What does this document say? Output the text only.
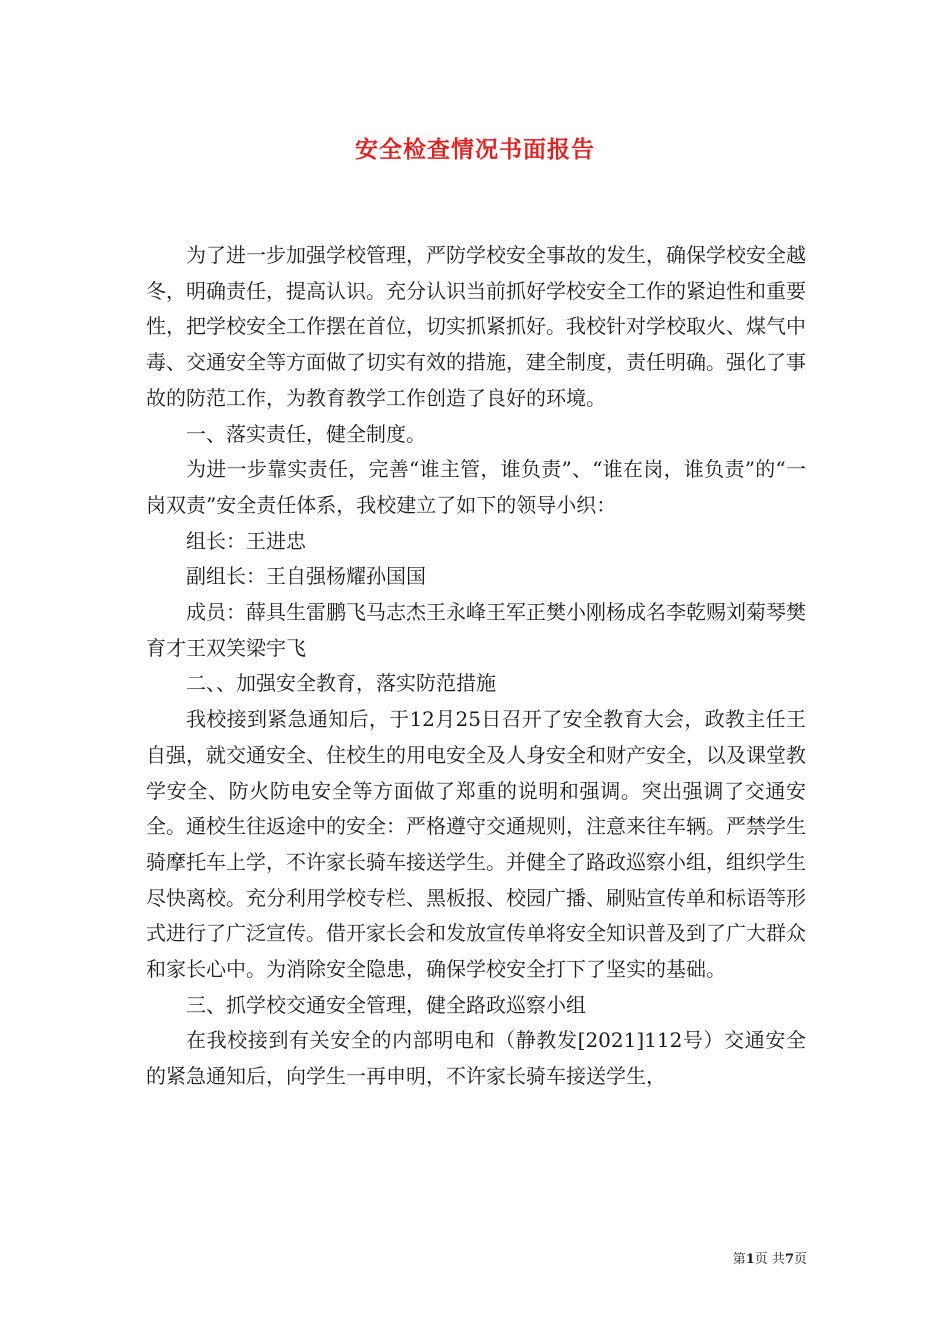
安全检查情况书面报告

为了进一步加强学校管理，严防学校安全事故的发生，确保学校安全越冬，明确责任，提高认识。充分认识当前抓好学校安全工作的紧迫性和重要性，把学校安全工作摆在首位，切实抓紧抓好。我校针对学校取火、煤气中毒、交通安全等方面做了切实有效的措施，建全制度，责任明确。强化了事故的防范工作，为教育教学工作创造了良好的环境。

一、落实责任，健全制度。

为进一步靠实责任，完善“谁主管，谁负责”、“谁在岗，谁负责”的“一岗双责”安全责任体系，我校建立了如下的领导小织：

组长：王进忠

副组长：王自强杨耀孙国国

成员：薛具生雷鹏飞马志杰王永峰王军正樊小刚杨成名李乾赐刘菊琴樊育才王双笑梁宇飞

二、、加强安全教育，落实防范措施

我校接到紧急通知后，于12月25日召开了安全教育大会，政教主任王自强，就交通安全、住校生的用电安全及人身安全和财产安全，以及课堂教学安全、防火防电安全等方面做了郑重的说明和强调。突出强调了交通安全。通校生往返途中的安全：严格遵守交通规则，注意来往车辆。严禁学生骑摩托车上学，不许家长骑车接送学生。并健全了路政巡察小组，组织学生尽快离校。充分利用学校专栏、黑板报、校园广播、刷贴宣传单和标语等形式进行了广泛宣传。借开家长会和发放宣传单将安全知识普及到了广大群众和家长心中。为消除安全隐患，确保学校安全打下了坚实的基础。

三、抓学校交通安全管理，健全路政巡察小组

在我校接到有关安全的内部明电和（静教发[2021]112号）交通安全的紧急通知后，向学生一再申明，不许家长骑车接送学生，

第1页 共7页
